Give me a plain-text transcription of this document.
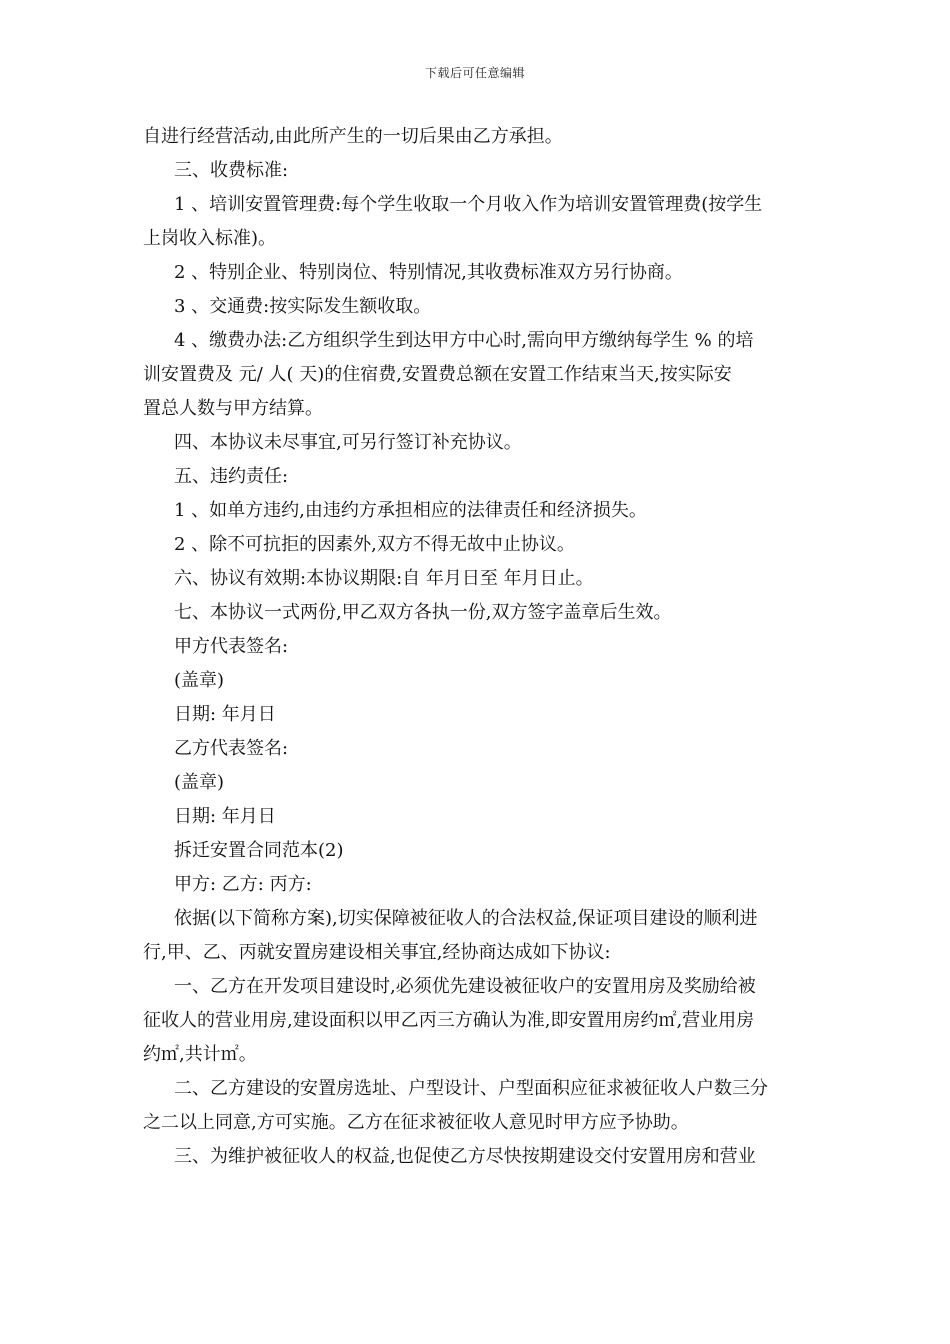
下载后可任意编辑
自进行经营活动,由此所产生的一切后果由乙方承担。
三、收费标准:
1 、培训安置管理费:每个学生收取一个月收入作为培训安置管理费(按学生
上岗收入标准)。
2 、特别企业、特别岗位、特别情况,其收费标准双方另行协商。
3 、交通费:按实际发生额收取。
4 、缴费办法:乙方组织学生到达甲方中心时,需向甲方缴纳每学生 % 的培
训安置费及 元/ 人( 天)的住宿费,安置费总额在安置工作结束当天,按实际安
置总人数与甲方结算。
四、本协议未尽事宜,可另行签订补充协议。
五、违约责任:
1 、如单方违约,由违约方承担相应的法律责任和经济损失。
2 、除不可抗拒的因素外,双方不得无故中止协议。
六、协议有效期:本协议期限:自 年月日至 年月日止。
七、本协议一式两份,甲乙双方各执一份,双方签字盖章后生效。
甲方代表签名:
(盖章)
日期: 年月日
乙方代表签名:
(盖章)
日期: 年月日
拆迁安置合同范本(2)
甲方: 乙方: 丙方:
依据(以下简称方案),切实保障被征收人的合法权益,保证项目建设的顺利进
行,甲、乙、丙就安置房建设相关事宜,经协商达成如下协议:
一、乙方在开发项目建设时,必须优先建设被征收户的安置用房及奖励给被
征收人的营业用房,建设面积以甲乙丙三方确认为准,即安置用房约㎡,营业用房
约㎡,共计㎡。
二、乙方建设的安置房选址、户型设计、户型面积应征求被征收人户数三分
之二以上同意,方可实施。乙方在征求被征收人意见时甲方应予协助。
三、为维护被征收人的权益,也促使乙方尽快按期建设交付安置用房和营业
